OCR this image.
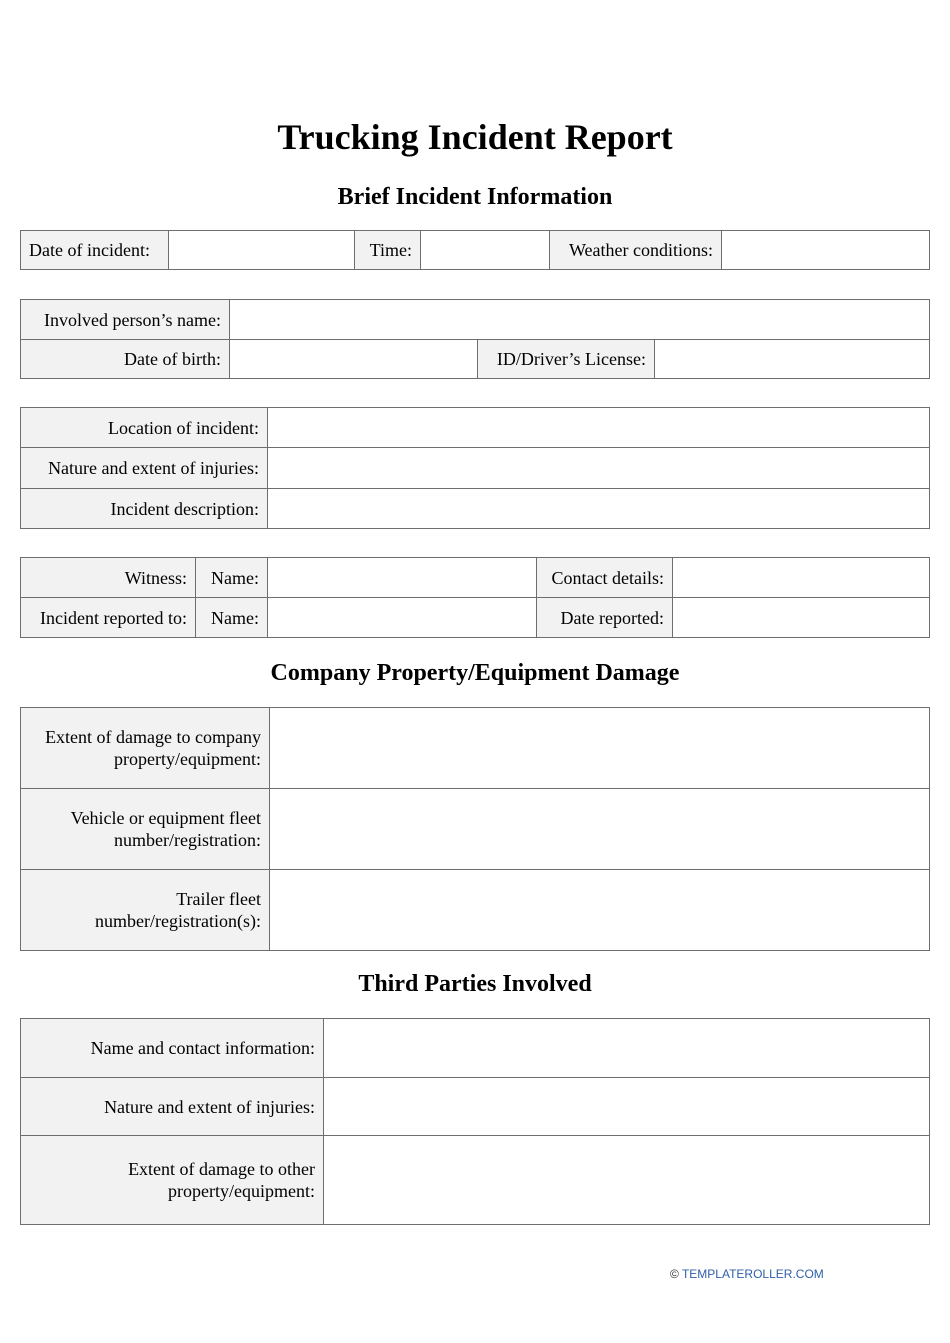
Trucking Incident Report
Brief Incident Information
Date of incident:		Time:		Weather conditions:	
Involved person’s name:			
Date of birth:		ID/Driver’s License:	
Location of incident:	
Nature and extent of injuries:	
Incident description:	
Witness:	Name:		Contact details:	
Incident reported to:	Name:		Date reported:	
Company Property/Equipment Damage
Extent of damage to company
property/equipment:	

Vehicle or equipment fleet
number/registration:	

Trailer fleet
number/registration(s):	

Third Parties Involved
Name and contact information:	
Nature and extent of injuries:	

Extent of damage to other
property/equipment:	

© TEMPLATEROLLER.COM
